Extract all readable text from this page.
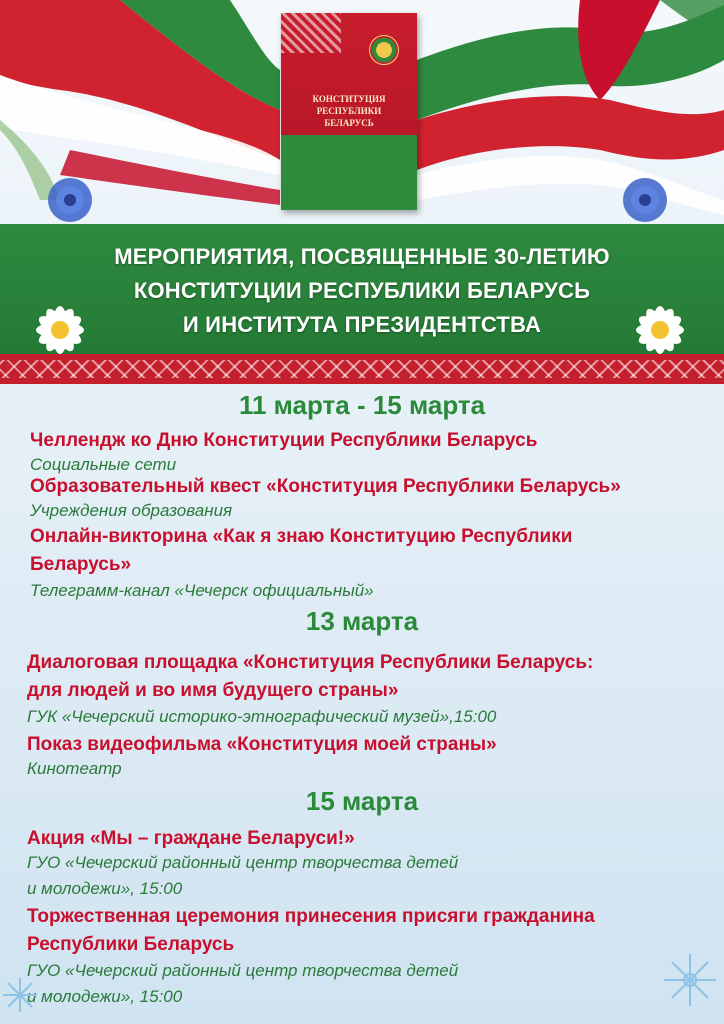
КОНСТИТУЦИЯ
РЕСПУБЛИКИ
БЕЛАРУСЬ
МЕРОПРИЯТИЯ, ПОСВЯЩЕННЫЕ 30-ЛЕТИЮ
КОНСТИТУЦИИ РЕСПУБЛИКИ БЕЛАРУСЬ
И ИНСТИТУТА ПРЕЗИДЕНТСТВА
11 марта - 15 марта
Челлендж ко Дню Конституции Республики Беларусь
Социальные сети
Образовательный квест «Конституция Республики Беларусь»
Учреждения образования
Онлайн-викторина «Как я знаю Конституцию Республики
Беларусь»
Телеграмм-канал «Чечерск официальный»
13 марта
Диалоговая площадка «Конституция Республики Беларусь:
для людей и во имя будущего страны»
ГУК «Чечерский историко-этнографический музей»,15:00
Показ видеофильма «Конституция моей страны»
Кинотеатр
15 марта
Акция «Мы – граждане Беларуси!»
ГУО «Чечерский районный центр творчества детей
и молодежи», 15:00
Торжественная церемония принесения присяги гражданина
Республики Беларусь
ГУО «Чечерский районный центр творчества детей
и молодежи», 15:00
